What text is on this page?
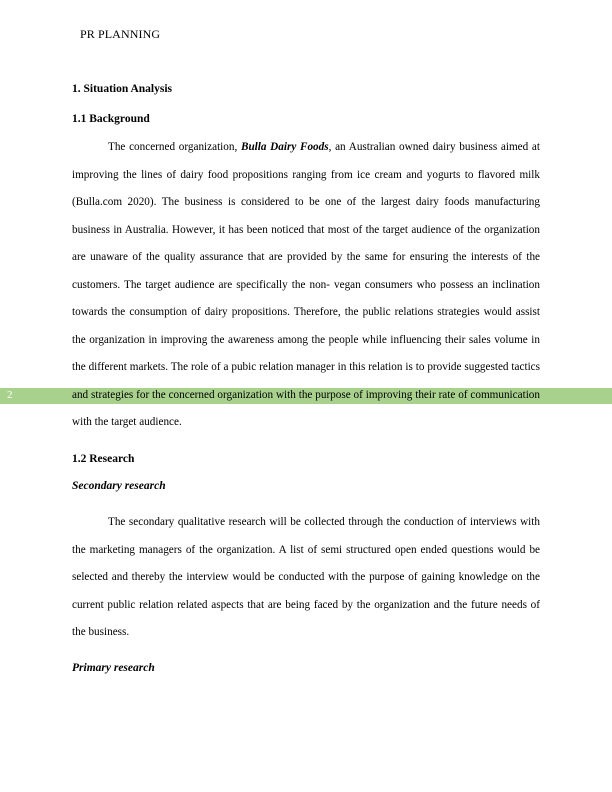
PR PLANNING
2
1. Situation Analysis
1.1 Background

The concerned organization, Bulla Dairy Foods, an Australian owned dairy business aimed at improving the lines of dairy food propositions ranging from ice cream and yogurts to flavored milk (Bulla.com 2020). The business is considered to be one of the largest dairy foods manufacturing business in Australia. However, it has been noticed that most of the target audience of the organization are unaware of the quality assurance that are provided by the same for ensuring the interests of the customers. The target audience are specifically the non- vegan consumers who possess an inclination towards the consumption of dairy propositions. Therefore, the public relations strategies would assist the organization in improving the awareness among the people while influencing their sales volume in the different markets. The role of a pubic relation manager in this relation is to provide suggested tactics and strategies for the concerned organization with the purpose of improving their rate of communication with the target audience.

1.2 Research
Secondary research

The secondary qualitative research will be collected through the conduction of interviews with the marketing managers of the organization. A list of semi structured open ended questions would be selected and thereby the interview would be conducted with the purpose of gaining knowledge on the current public relation related aspects that are being faced by the organization and the future needs of the business.

Primary research
